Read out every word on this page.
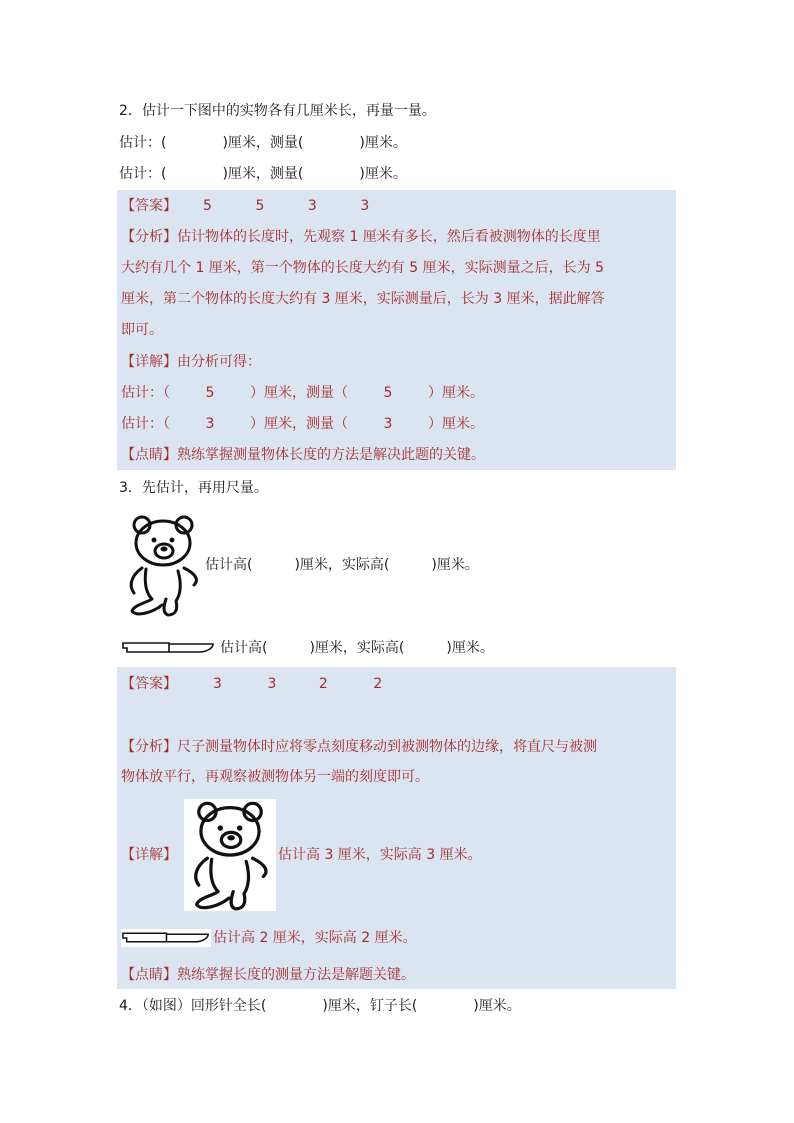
2．估计一下图中的实物各有几厘米长，再量一量。
估计：(　　　　)厘米，测量(　　　　)厘米。
估计：(　　　　)厘米，测量(　　　　)厘米。
【答案】 5	5	3	3
【分析】估计物体的长度时，先观察 1 厘米有多长，然后看被测物体的长度里
大约有几个 1 厘米，第一个物体的长度大约有 5 厘米，实际测量之后，长为 5
厘米，第二个物体的长度大约有 3 厘米，实际测量后，长为 3 厘米，据此解答
即可。
【详解】由分析可得：
估计：（	5	）厘米，测量（	5	）厘米。
估计：（	3	）厘米，测量（	3	）厘米。
【点睛】熟练掌握测量物体长度的方法是解决此题的关键。
3．先估计，再用尺量。
估计高(　　　)厘米，实际高(　　　)厘米。
估计高(　　　)厘米，实际高(　　　)厘米。
【答案】	3	3	2	2
【分析】尺子测量物体时应将零点刻度移动到被测物体的边缘，将直尺与被测
物体放平行，再观察被测物体另一端的刻度即可。
【详解】	估计高 3 厘米，实际高 3 厘米。
估计高 2 厘米，实际高 2 厘米。
【点睛】熟练掌握长度的测量方法是解题关键。
4．（如图）回形针全长(　　　　)厘米，钉子长(　　　　)厘米。
